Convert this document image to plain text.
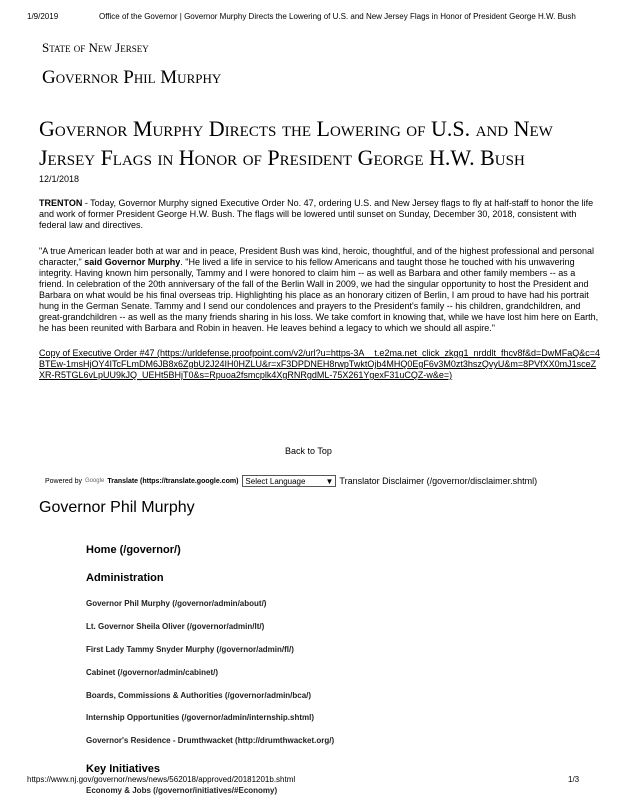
1/9/2019	Office of the Governor | Governor Murphy Directs the Lowering of U.S. and New Jersey Flags in Honor of President George H.W. Bush
State of New Jersey
Governor Phil Murphy
Governor Murphy Directs the Lowering of U.S. and New Jersey Flags in Honor of President George H.W. Bush
12/1/2018

TRENTON - Today, Governor Murphy signed Executive Order No. 47, ordering U.S. and New Jersey flags to fly at half-staff to honor the life and work of former President George H.W. Bush. The flags will be lowered until sunset on Sunday, December 30, 2018, consistent with federal law and directives.

"A true American leader both at war and in peace, President Bush was kind, heroic, thoughtful, and of the highest professional and personal character," said Governor Murphy. "He lived a life in service to his fellow Americans and taught those he touched with his unwavering integrity. Having known him personally, Tammy and I were honored to claim him -- as well as Barbara and other family members -- as a friend. In celebration of the 20th anniversary of the fall of the Berlin Wall in 2009, we had the singular opportunity to host the President and Barbara on what would be his final overseas trip. Highlighting his place as an honorary citizen of Berlin, I am proud to have had his portrait hung in the German Senate. Tammy and I send our condolences and prayers to the President's family -- his children, grandchildren, and great-grandchildren -- as well as the many friends sharing in his loss. We take comfort in knowing that, while we have lost him here on Earth, he has been reunited with Barbara and Robin in heaven. He leaves behind a legacy to which we should all aspire."

Copy of Executive Order #47 (https://urldefense.proofpoint.com/v2/url?u=https-3A__t.e2ma.net_click_zkgg1_nrddlt_fhcv8f&d=DwMFaQ&c=4BTEw-1msHjOY4ITcFLmDM6JB8x6ZgbU2J24IH0HZLU&r=xF3DPDNEH8rwpTwktOjb4MHQ0EgF6v3M0zt3hszQvyU&m=8PVfXX0mJ1sceZXR-R5TGL6vLpUU9kJQ_UEHt5BHjT0&s=Rpuoa2fsmcplk4XgRNRgdML-75X261YgexF31uCQZ-w&e=)
Back to Top
Powered by Google Translate (https://translate.google.com) Select Language	▼ Translator Disclaimer (/governor/disclaimer.shtml)
Governor Phil Murphy
Home (/governor/)
Administration
Governor Phil Murphy (/governor/admin/about/)
Lt. Governor Sheila Oliver (/governor/admin/lt/)
First Lady Tammy Snyder Murphy (/governor/admin/fl/)
Cabinet (/governor/admin/cabinet/)
Boards, Commissions & Authorities (/governor/admin/bca/)
Internship Opportunities (/governor/admin/internship.shtml)
Governor's Residence - Drumthwacket (http://drumthwacket.org/)
Key Initiatives
Economy & Jobs (/governor/initiatives/#Economy)
https://www.nj.gov/governor/news/news/562018/approved/20181201b.shtml	1/3
